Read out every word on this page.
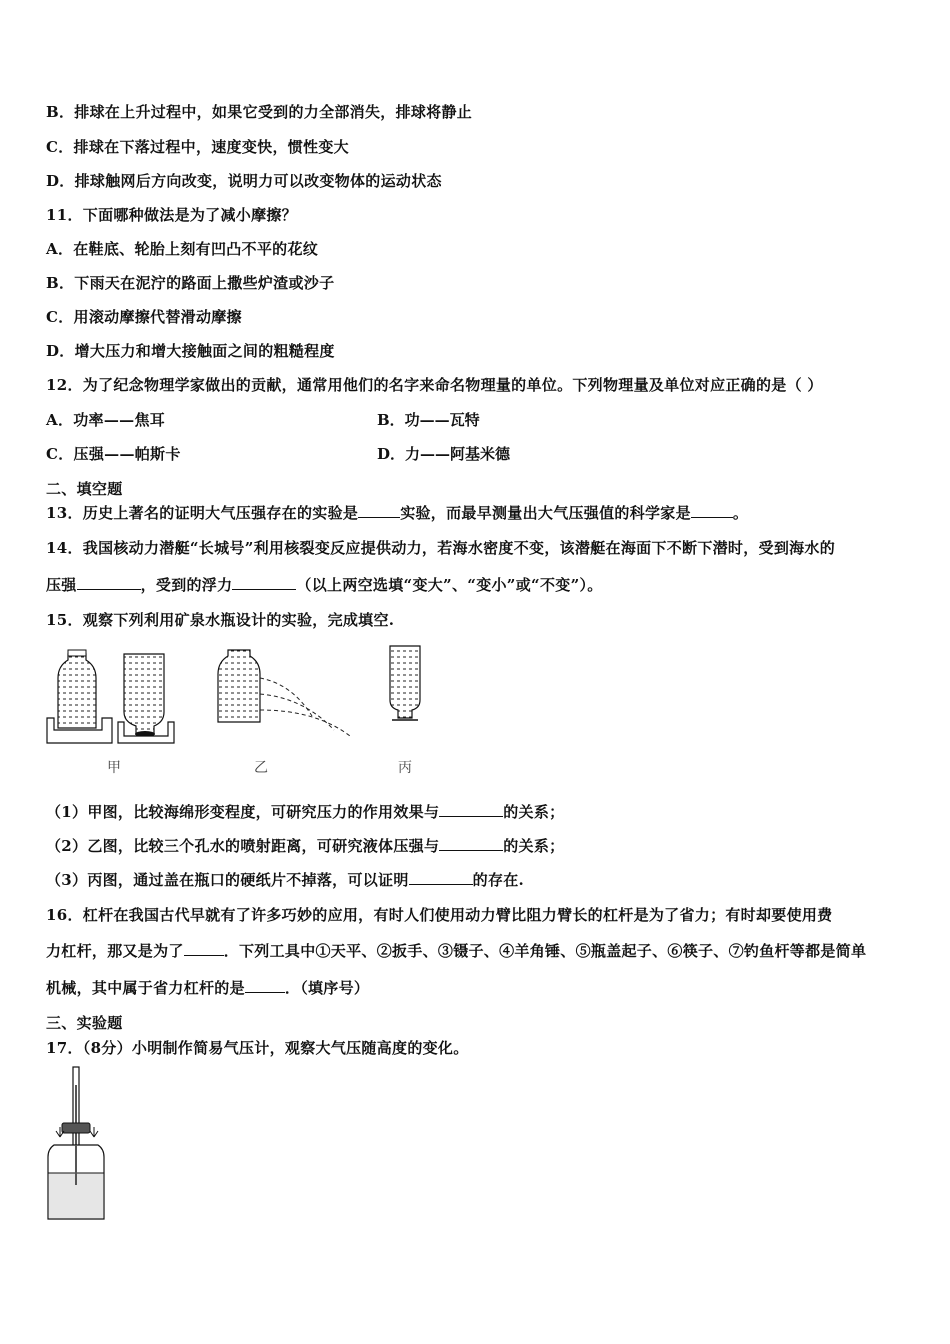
B．排球在上升过程中，如果它受到的力全部消失，排球将静止
C．排球在下落过程中，速度变快，惯性变大
D．排球触网后方向改变，说明力可以改变物体的运动状态
11．下面哪种做法是为了减小摩擦？
A．在鞋底、轮胎上刻有凹凸不平的花纹
B．下雨天在泥泞的路面上撒些炉渣或沙子
C．用滚动摩擦代替滑动摩擦
D．增大压力和增大接触面之间的粗糙程度
12．为了纪念物理学家做出的贡献，通常用他们的名字来命名物理量的单位。下列物理量及单位对应正确的是（ ）
A．功率——焦耳	B．功——瓦特
C．压强——帕斯卡	D．力——阿基米德
二、填空题
13．历史上著名的证明大气压强存在的实验是	实验，而最早测量出大气压强值的科学家是	。
14．我国核动力潜艇“长城号”利用核裂变反应提供动力，若海水密度不变，该潜艇在海面下不断下潜时，受到海水的
压强	，受到的浮力	（以上两空选填“变大”、“变小”或“不变”）。
15．观察下列利用矿泉水瓶设计的实验，完成填空.
甲	乙	丙
（1）甲图，比较海绵形变程度，可研究压力的作用效果与	的关系；
（2）乙图，比较三个孔水的喷射距离，可研究液体压强与	的关系；
（3）丙图，通过盖在瓶口的硬纸片不掉落，可以证明	的存在.
16．杠杆在我国古代早就有了许多巧妙的应用，有时人们使用动力臂比阻力臂长的杠杆是为了省力；有时却要使用费
力杠杆，那又是为了	．下列工具中①天平、②扳手、③镊子、④羊角锤、⑤瓶盖起子、⑥筷子、⑦钓鱼杆等都是简单
机械，其中属于省力杠杆的是	．（填序号）
三、实验题
17．（8分）小明制作简易气压计，观察大气压随高度的变化。
